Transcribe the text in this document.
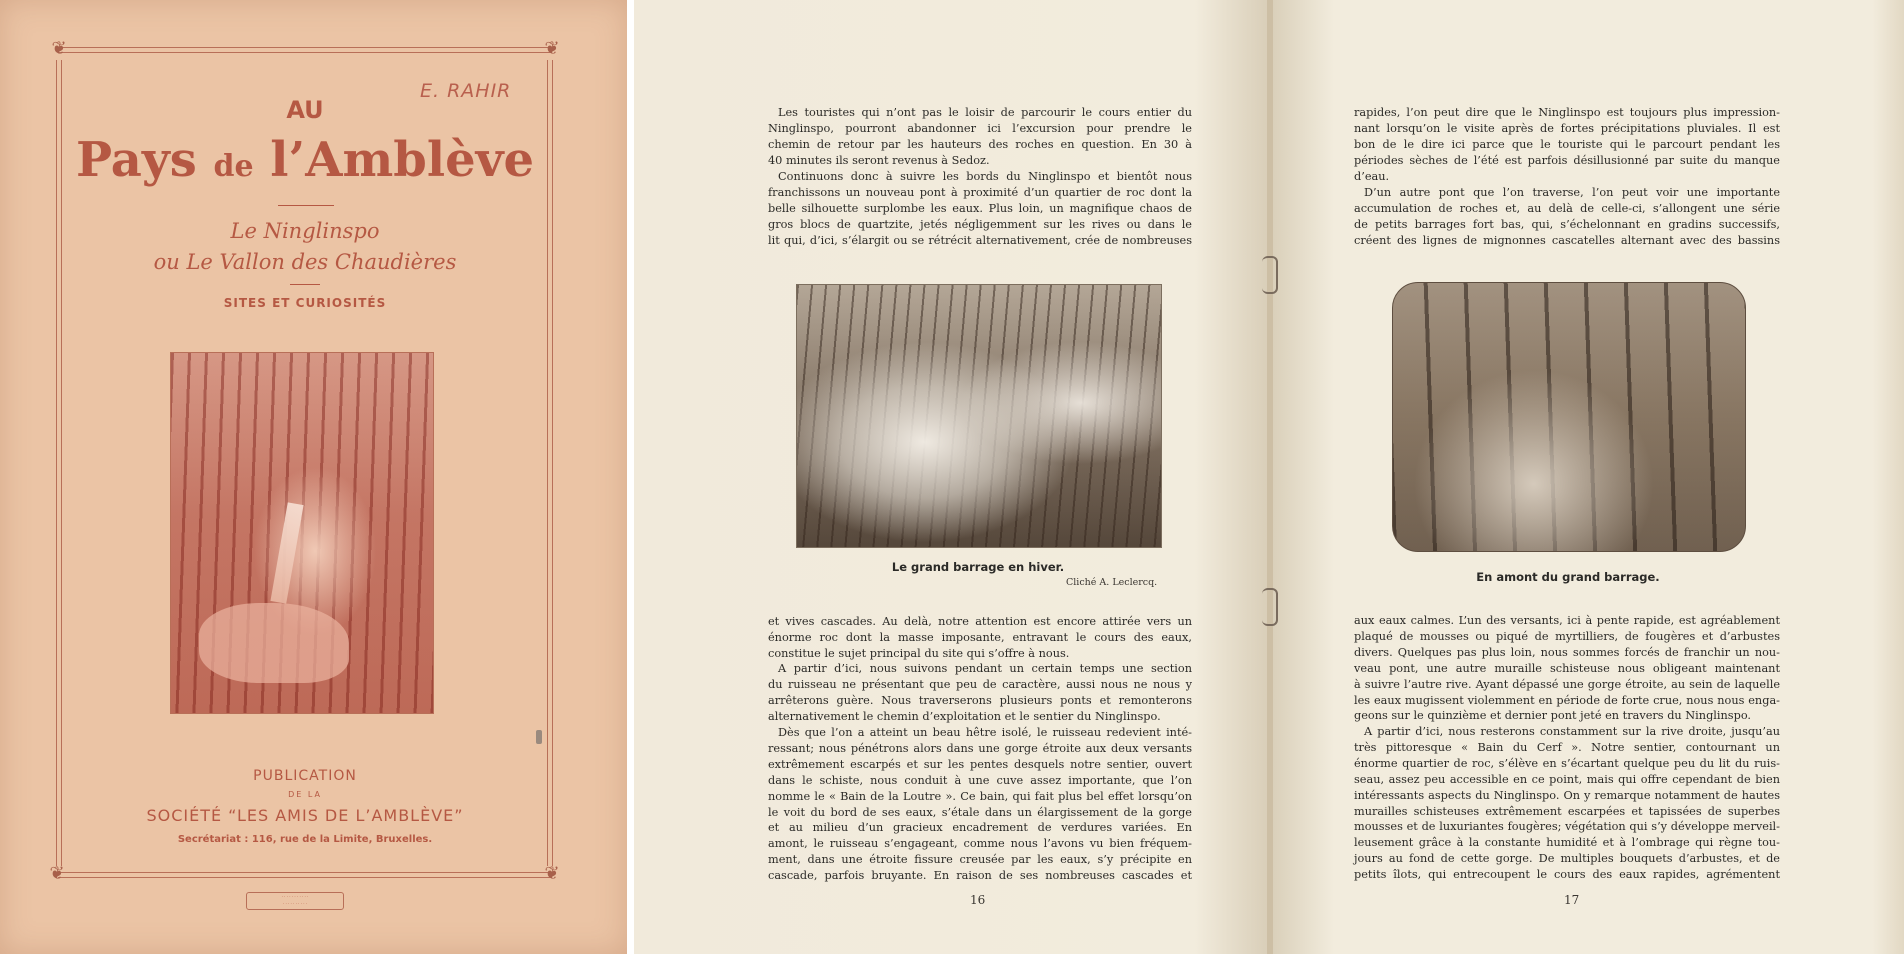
❦	❦
❦	❦
E. RAHIR
AU
Pays de l’Amblève
Le Ninglinspo
ou Le Vallon des Chaudières
SITES ET CURIOSITÉS
PUBLICATION
DE LA
SOCIÉTÉ “LES AMIS DE L’AMBLÈVE”
Secrétariat : 116, rue de la Limite, Bruxelles.
· · · · · · · · · · ·
· · · · · · · · · ·
Les touristes qui n’ont pas le loisir de parcourir le cours entier du
Ninglinspo, pourront abandonner ici l’excursion pour prendre le
chemin de retour par les hauteurs des roches en question. En 30 à
40 minutes ils seront revenus à Sedoz.
Continuons donc à suivre les bords du Ninglinspo et bientôt nous
franchissons un nouveau pont à proximité d’un quartier de roc dont la
belle silhouette surplombe les eaux. Plus loin, un magnifique chaos de
gros blocs de quartzite, jetés négligemment sur les rives ou dans le
lit qui, d’ici, s’élargit ou se rétrécit alternativement, crée de nombreuses
Le grand barrage en hiver.
Cliché A. Leclercq.
et vives cascades. Au delà, notre attention est encore attirée vers un
énorme roc dont la masse imposante, entravant le cours des eaux,
constitue le sujet principal du site qui s’offre à nous.
A partir d’ici, nous suivons pendant un certain temps une section
du ruisseau ne présentant que peu de caractère, aussi nous ne nous y
arrêterons guère. Nous traverserons plusieurs ponts et remonterons
alternativement le chemin d’exploitation et le sentier du Ninglinspo.
Dès que l’on a atteint un beau hêtre isolé, le ruisseau redevient inté-
ressant; nous pénétrons alors dans une gorge étroite aux deux versants
extrêmement escarpés et sur les pentes desquels notre sentier, ouvert
dans le schiste, nous conduit à une cuve assez importante, que l’on
nomme le « Bain de la Loutre ». Ce bain, qui fait plus bel effet lorsqu’on
le voit du bord de ses eaux, s’étale dans un élargissement de la gorge
et au milieu d’un gracieux encadrement de verdures variées. En
amont, le ruisseau s’engageant, comme nous l’avons vu bien fréquem-
ment, dans une étroite fissure creusée par les eaux, s’y précipite en
cascade, parfois bruyante. En raison de ses nombreuses cascades et
16
rapides, l’on peut dire que le Ninglinspo est toujours plus impression-
nant lorsqu’on le visite après de fortes précipitations pluviales. Il est
bon de le dire ici parce que le touriste qui le parcourt pendant les
périodes sèches de l’été est parfois désillusionné par suite du manque
d’eau.
D’un autre pont que l’on traverse, l’on peut voir une importante
accumulation de roches et, au delà de celle-ci, s’allongent une série
de petits barrages fort bas, qui, s’échelonnant en gradins successifs,
créent des lignes de mignonnes cascatelles alternant avec des bassins
En amont du grand barrage.
aux eaux calmes. L’un des versants, ici à pente rapide, est agréablement
plaqué de mousses ou piqué de myrtilliers, de fougères et d’arbustes
divers. Quelques pas plus loin, nous sommes forcés de franchir un nou-
veau pont, une autre muraille schisteuse nous obligeant maintenant
à suivre l’autre rive. Ayant dépassé une gorge étroite, au sein de laquelle
les eaux mugissent violemment en période de forte crue, nous nous enga-
geons sur le quinzième et dernier pont jeté en travers du Ninglinspo.
A partir d’ici, nous resterons constamment sur la rive droite, jusqu’au
très pittoresque « Bain du Cerf ». Notre sentier, contournant un
énorme quartier de roc, s’élève en s’écartant quelque peu du lit du ruis-
seau, assez peu accessible en ce point, mais qui offre cependant de bien
intéressants aspects du Ninglinspo. On y remarque notamment de hautes
murailles schisteuses extrêmement escarpées et tapissées de superbes
mousses et de luxuriantes fougères; végétation qui s’y développe merveil-
leusement grâce à la constante humidité et à l’ombrage qui règne tou-
jours au fond de cette gorge. De multiples bouquets d’arbustes, et de
petits îlots, qui entrecoupent le cours des eaux rapides, agrémentent
17
